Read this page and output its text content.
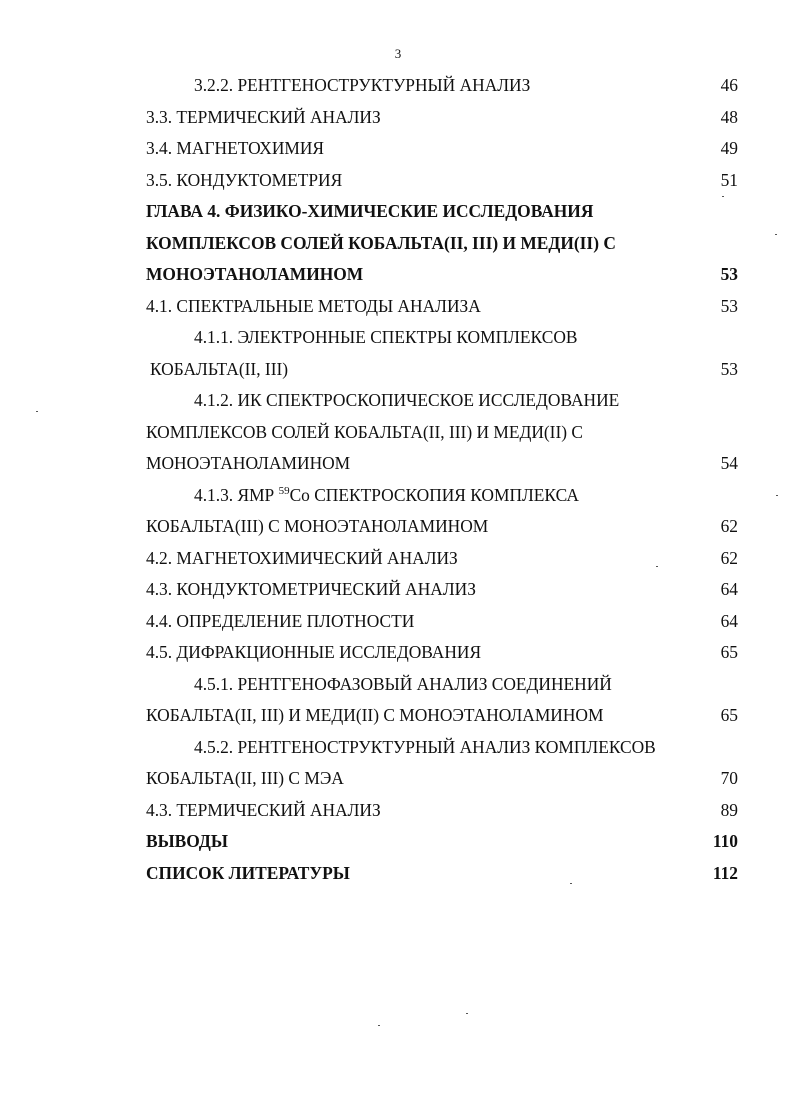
3
3.2.2. РЕНТГЕНОСТРУКТУРНЫЙ АНАЛИЗ	46
3.3. ТЕРМИЧЕСКИЙ АНАЛИЗ	48
3.4. МАГНЕТОХИМИЯ	49
3.5. КОНДУКТОМЕТРИЯ	51
ГЛАВА 4. ФИЗИКО-ХИМИЧЕСКИЕ ИССЛЕДОВАНИЯ
КОМПЛЕКСОВ СОЛЕЙ КОБАЛЬТА(II, III) И МЕДИ(II) С
МОНОЭТАНОЛАМИНОМ	53
4.1. СПЕКТРАЛЬНЫЕ МЕТОДЫ АНАЛИЗА	53
4.1.1. ЭЛЕКТРОННЫЕ СПЕКТРЫ КОМПЛЕКСОВ
КОБАЛЬТА(II, III)	53
4.1.2. ИК СПЕКТРОСКОПИЧЕСКОЕ ИССЛЕДОВАНИЕ
КОМПЛЕКСОВ СОЛЕЙ КОБАЛЬТА(II, III) И МЕДИ(II) С
МОНОЭТАНОЛАМИНОМ	54
4.1.3. ЯМР $^{59}$Co СПЕКТРОСКОПИЯ КОМПЛЕКСА
КОБАЛЬТА(III) С МОНОЭТАНОЛАМИНОМ	62
4.2. МАГНЕТОХИМИЧЕСКИЙ АНАЛИЗ	62
4.3. КОНДУКТОМЕТРИЧЕСКИЙ АНАЛИЗ	64
4.4. ОПРЕДЕЛЕНИЕ ПЛОТНОСТИ	64
4.5. ДИФРАКЦИОННЫЕ ИССЛЕДОВАНИЯ	65
4.5.1. РЕНТГЕНОФАЗОВЫЙ АНАЛИЗ СОЕДИНЕНИЙ
КОБАЛЬТА(II, III) И МЕДИ(II) С МОНОЭТАНОЛАМИНОМ	65
4.5.2. РЕНТГЕНОСТРУКТУРНЫЙ АНАЛИЗ КОМПЛЕКСОВ
КОБАЛЬТА(II, III) С МЭА	70
4.3. ТЕРМИЧЕСКИЙ АНАЛИЗ	89
ВЫВОДЫ	110
СПИСОК ЛИТЕРАТУРЫ	112
